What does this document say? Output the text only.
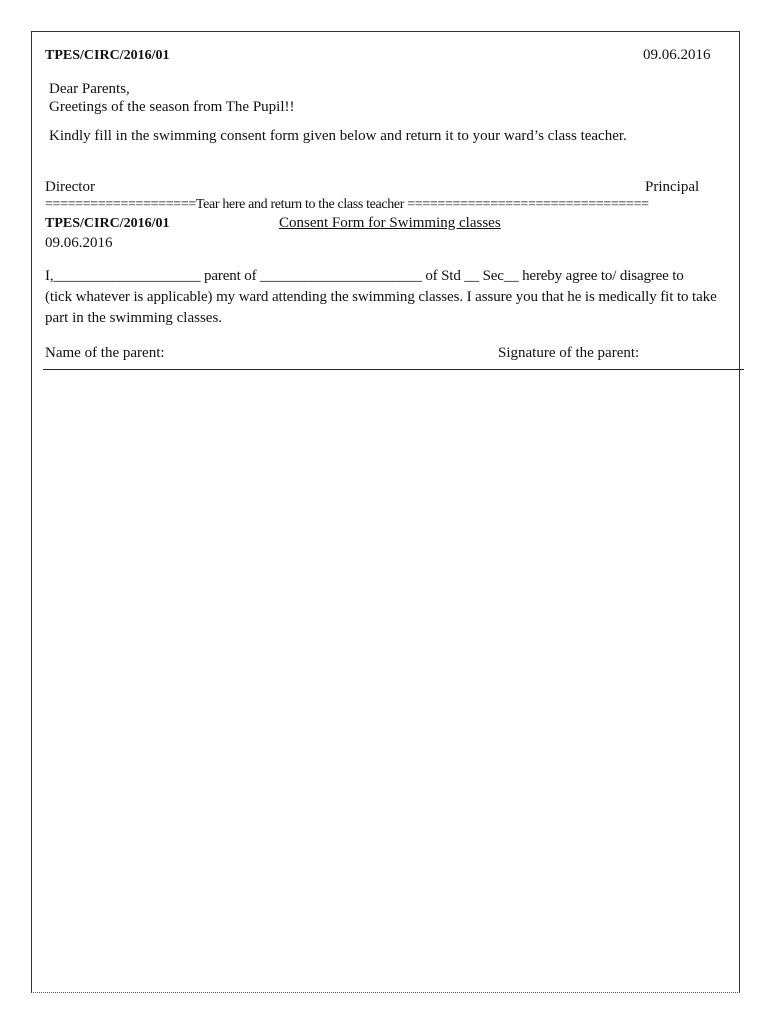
TPES/CIRC/2016/01	09.06.2016
Dear Parents,
Greetings of the season from The Pupil!!
Kindly fill in the swimming consent form given below and return it to your ward’s class teacher.
Director	Principal
====================Tear here and return to the class teacher ================================
TPES/CIRC/2016/01	Consent Form for Swimming classes
09.06.2016
I,____________________ parent of ______________________ of Std __ Sec__ hereby agree to/ disagree to
(tick whatever is applicable) my ward attending the swimming classes. I assure you that he is medically fit to take
part in the swimming classes.
Name of the parent:	Signature of the parent:
